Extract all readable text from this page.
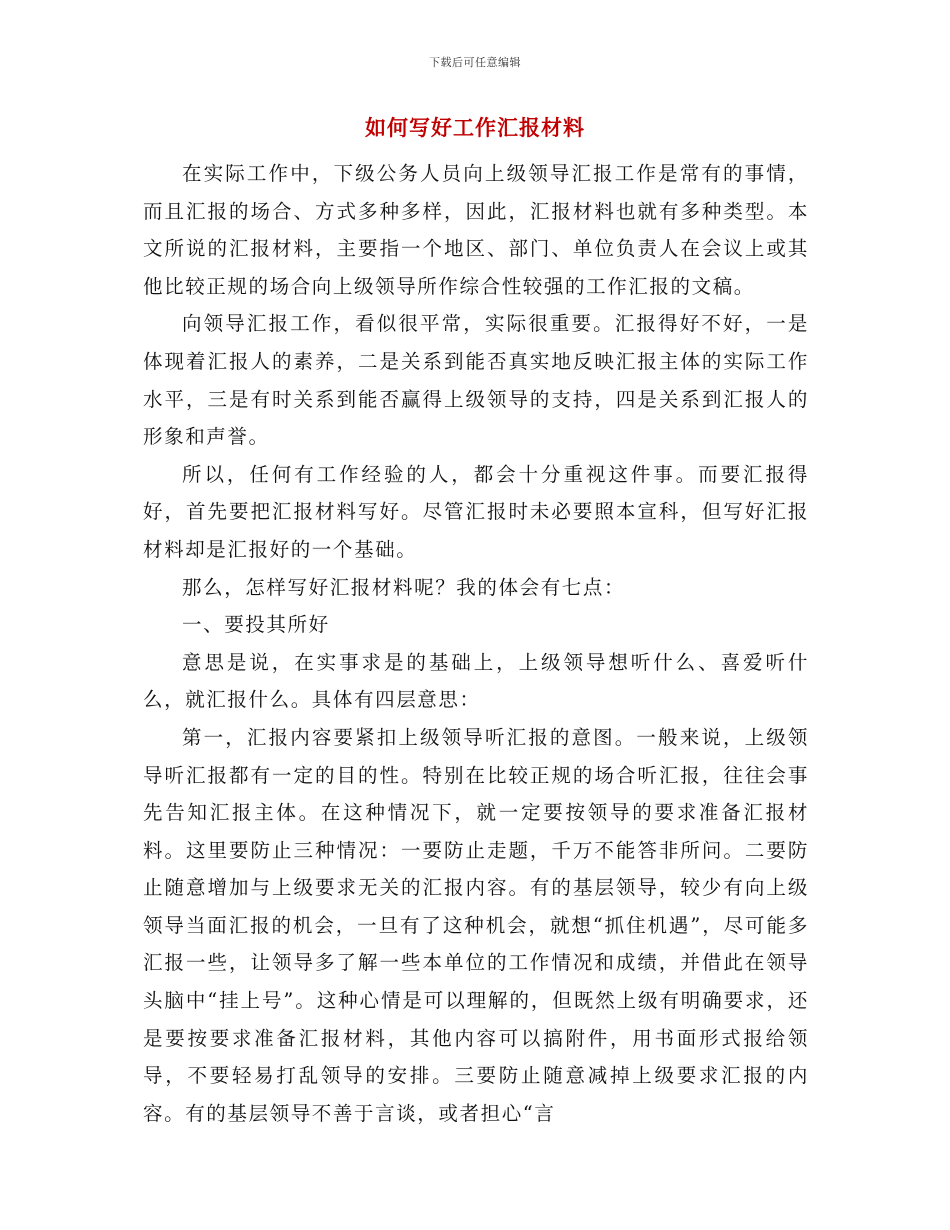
下载后可任意编辑
如何写好工作汇报材料

在实际工作中，下级公务人员向上级领导汇报工作是常有的事情，而且汇报的场合、方式多种多样，因此，汇报材料也就有多种类型。本文所说的汇报材料，主要指一个地区、部门、单位负责人在会议上或其他比较正规的场合向上级领导所作综合性较强的工作汇报的文稿。

向领导汇报工作，看似很平常，实际很重要。汇报得好不好，一是体现着汇报人的素养，二是关系到能否真实地反映汇报主体的实际工作水平，三是有时关系到能否赢得上级领导的支持，四是关系到汇报人的形象和声誉。

所以，任何有工作经验的人，都会十分重视这件事。而要汇报得好，首先要把汇报材料写好。尽管汇报时未必要照本宣科，但写好汇报材料却是汇报好的一个基础。

那么，怎样写好汇报材料呢？我的体会有七点：

一、要投其所好

意思是说，在实事求是的基础上，上级领导想听什么、喜爱听什么，就汇报什么。具体有四层意思：

第一，汇报内容要紧扣上级领导听汇报的意图。一般来说，上级领导听汇报都有一定的目的性。特别在比较正规的场合听汇报，往往会事先告知汇报主体。在这种情况下，就一定要按领导的要求准备汇报材料。这里要防止三种情况：一要防止走题，千万不能答非所问。二要防止随意增加与上级要求无关的汇报内容。有的基层领导，较少有向上级领导当面汇报的机会，一旦有了这种机会，就想“抓住机遇”，尽可能多汇报一些，让领导多了解一些本单位的工作情况和成绩，并借此在领导头脑中“挂上号”。这种心情是可以理解的，但既然上级有明确要求，还是要按要求准备汇报材料，其他内容可以搞附件，用书面形式报给领导，不要轻易打乱领导的安排。三要防止随意减掉上级要求汇报的内容。有的基层领导不善于言谈，或者担心“言
